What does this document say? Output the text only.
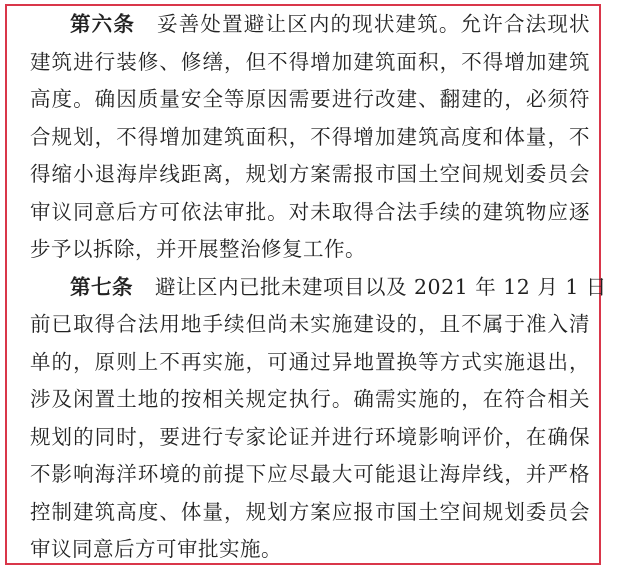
第六条 妥善处置避让区内的现状建筑。允许合法现状
建筑进行装修、修缮，但不得增加建筑面积，不得增加建筑
高度。确因质量安全等原因需要进行改建、翻建的，必须符
合规划，不得增加建筑面积，不得增加建筑高度和体量，不
得缩小退海岸线距离，规划方案需报市国土空间规划委员会
审议同意后方可依法审批。对未取得合法手续的建筑物应逐
步予以拆除，并开展整治修复工作。
第七条 避让区内已批未建项目以及 2021 年 12 月 1 日
前已取得合法用地手续但尚未实施建设的，且不属于准入清
单的，原则上不再实施，可通过异地置换等方式实施退出，
涉及闲置土地的按相关规定执行。确需实施的，在符合相关
规划的同时，要进行专家论证并进行环境影响评价，在确保
不影响海洋环境的前提下应尽最大可能退让海岸线，并严格
控制建筑高度、体量，规划方案应报市国土空间规划委员会
审议同意后方可审批实施。
